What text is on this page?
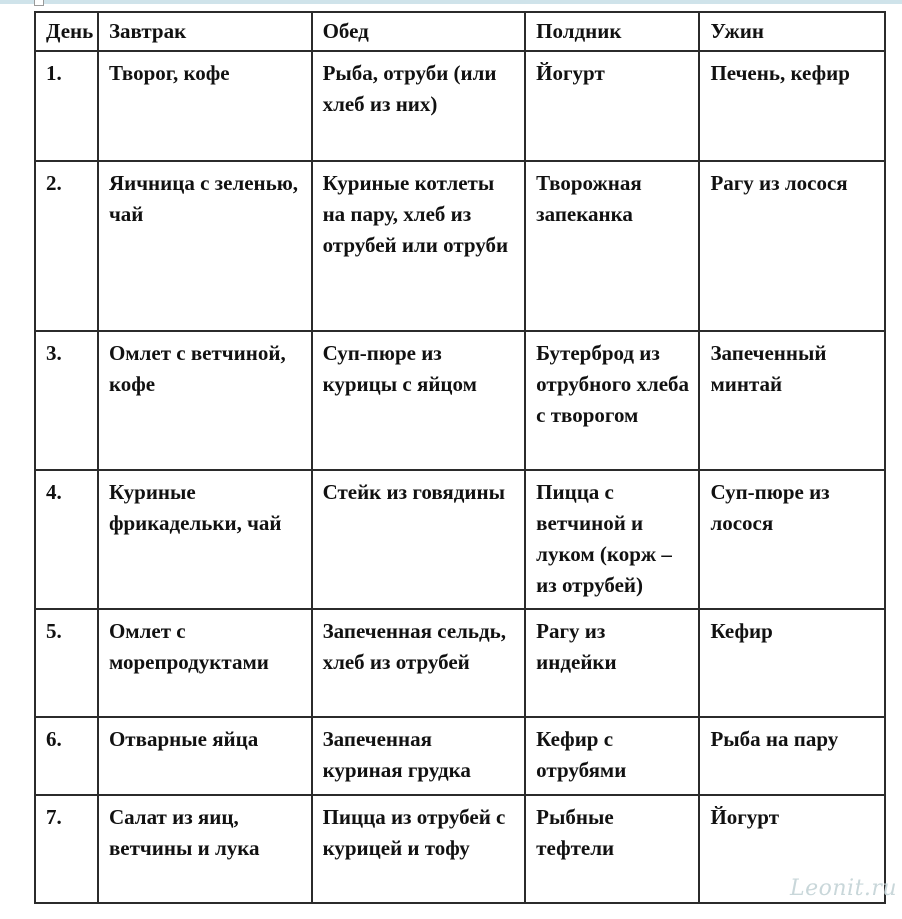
День	Завтрак	Обед	Полдник	Ужин
1.	Творог, кофе	Рыба, отруби (или хлеб из них)	Йогурт	Печень, кефир
2.	Яичница с зеленью, чай	Куриные котлеты на пару, хлеб из отрубей или отруби	Творожная запеканка	Рагу из лосося
3.	Омлет с ветчиной, кофе	Суп-пюре из курицы с яйцом	Бутерброд из отрубного хлеба с творогом	Запеченный минтай
4.	Куриные фрикадельки, чай	Стейк из говядины	Пицца с ветчиной и луком (корж – из отрубей)	Суп-пюре из лосося
5.	Омлет с морепродуктами	Запеченная сельдь, хлеб из отрубей	Рагу из индейки	Кефир
6.	Отварные яйца	Запеченная куриная грудка	Кефир с отрубями	Рыба на пару
7.	Салат из яиц, ветчины и лука	Пицца из отрубей с курицей и тофу	Рыбные тефтели	Йогурт
Leonit.ru
